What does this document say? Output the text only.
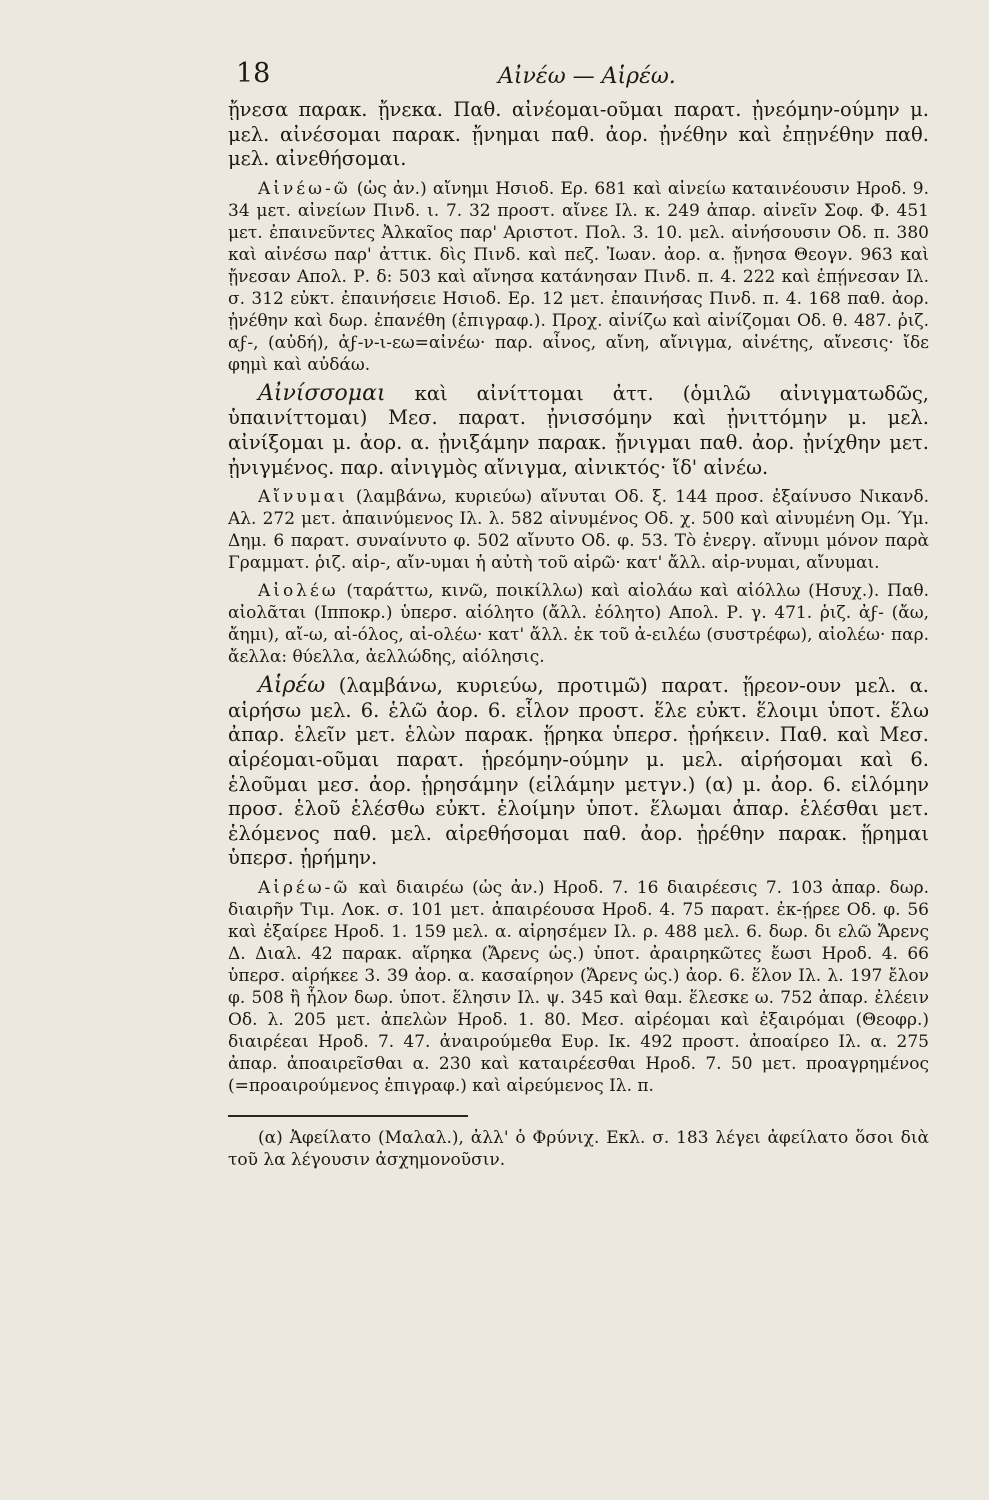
18	Αἰνέω — Αἱρέω.

ᾔνεσα παρακ. ᾔνεκα. Παθ. αἰνέομαι-οῦμαι παρατ. ᾐνεόμην-ούμην μ. μελ. αἰνέσομαι παρακ. ᾔνημαι παθ. ἀορ. ᾐνέθην καὶ ἐπῃνέθην παθ. μελ. αἰνεθήσομαι.

Αἰνέω-ῶ (ὡς ἀν.) αἴνημι Ησιοδ. Ερ. 681 καὶ αἰνείω καταινέουσιν Ηροδ. 9. 34 μετ. αἰνείων Πινδ. ι. 7. 32 προστ. αἴνεε Ιλ. κ. 249 ἀπαρ. αἰνεῖν Σοφ. Φ. 451 μετ. ἐπαινεῦντες Ἀλκαῖος παρ' Αριστοτ. Πολ. 3. 10. μελ. αἰνήσουσιν Οδ. π. 380 καὶ αἰνέσω παρ' ἀττικ. δὶς Πινδ. καὶ πεζ. Ἰωαν. ἀορ. α. ᾔνησα Θεογν. 963 καὶ ᾔνεσαν Απολ. Ρ. δ: 503 καὶ αἴνησα κατάνησαν Πινδ. π. 4. 222 καὶ ἐπῄνεσαν Ιλ. σ. 312 εὐκτ. ἐπαινήσειε Ησιοδ. Ερ. 12 μετ. ἐπαινήσας Πινδ. π. 4. 168 παθ. ἀορ. ᾐνέθην καὶ δωρ. ἐπανέθη (ἐπιγραφ.). Προχ. αἰνίζω καὶ αἰνίζομαι Οδ. θ. 487. ῥιζ. αϝ-, (αὐδή), ἀϝ-ν-ι-εω=αἰνέω· παρ. αἶνος, αἴνη, αἴνιγμα, αἰνέτης, αἴνεσις· ἴδε φημὶ καὶ αὐδάω.

Αἰνίσσομαι καὶ αἰνίττομαι ἀττ. (ὁμιλῶ αἰνιγματωδῶς, ὑπαινίττομαι) Μεσ. παρατ. ᾐνισσόμην καὶ ᾐνιττόμην μ. μελ. αἰνίξομαι μ. ἀορ. α. ᾐνιξάμην παρακ. ᾔνιγμαι παθ. ἀορ. ᾐνίχθην μετ. ᾐνιγμένος. παρ. αἰνιγμὸς αἴνιγμα, αἰνικτός· ἴδ' αἰνέω.

Αἴνυμαι (λαμβάνω, κυριεύω) αἴνυται Οδ. ξ. 144 προσ. ἐξαίνυσο Νικανδ. Αλ. 272 μετ. ἀπαινύμενος Ιλ. λ. 582 αἰνυμένος Οδ. χ. 500 καὶ αἰνυμένη Ομ. Ύμ. Δημ. 6 παρατ. συναίνυτο φ. 502 αἴνυτο Οδ. φ. 53. Τὸ ἐνεργ. αἴνυμι μόνον παρὰ Γραμματ. ῥιζ. αἱρ-, αἴν-υμαι ἡ αὐτὴ τοῦ αἱρῶ· κατ' ἄλλ. αἰρ-νυμαι, αἴνυμαι.

Αἰολέω (ταράττω, κινῶ, ποικίλλω) καὶ αἰολάω καὶ αἰόλλω (Ησυχ.). Παθ. αἰολᾶται (Ιπποκρ.) ὑπερσ. αἰόλητο (ἄλλ. ἐόλητο) Απολ. Ρ. γ. 471. ῥιζ. ἀϝ- (ἄω, ἄημι), αἴ-ω, αἰ-όλος, αἰ-ολέω· κατ' ἄλλ. ἐκ τοῦ ἀ-ειλέω (συστρέφω), αἰολέω· παρ. ἄελλα: θύελλα, ἀελλώδης, αἰόλησις.

Αἱρέω (λαμβάνω, κυριεύω, προτιμῶ) παρατ. ᾕρεον-ουν μελ. α. αἱρήσω μελ. 6. ἑλῶ ἀορ. 6. εἷλον προστ. ἕλε εὐκτ. ἕλοιμι ὑποτ. ἕλω ἀπαρ. ἑλεῖν μετ. ἑλὼν παρακ. ᾕρηκα ὑπερσ. ᾑρήκειν. Παθ. καὶ Μεσ. αἱρέομαι-οῦμαι παρατ. ᾑρεόμην-ούμην μ. μελ. αἱρήσομαι καὶ 6. ἑλοῦμαι μεσ. ἀορ. ᾑρησάμην (εἱλάμην μετγν.) (α) μ. ἀορ. 6. εἱλόμην προσ. ἑλοῦ ἑλέσθω εὐκτ. ἑλοίμην ὑποτ. ἕλωμαι ἀπαρ. ἑλέσθαι μετ. ἑλόμενος παθ. μελ. αἱρεθήσομαι παθ. ἀορ. ᾑρέθην παρακ. ᾕρημαι ὑπερσ. ᾑρήμην.

Αἱρέω-ῶ καὶ διαιρέω (ὡς ἀν.) Ηροδ. 7. 16 διαιρέεσις 7. 103 ἀπαρ. δωρ. διαιρῆν Τιμ. Λοκ. σ. 101 μετ. ἀπαιρέουσα Ηροδ. 4. 75 παρατ. ἐκ-ῄρεε Οδ. φ. 56 καὶ ἐξαίρεε Ηροδ. 1. 159 μελ. α. αἱρησέμεν Ιλ. ρ. 488 μελ. 6. δωρ. δι ελῶ Ἄρενς Δ. Διαλ. 42 παρακ. αἵρηκα (Ἄρενς ὡς.) ὑποτ. ἀραιρηκῶτες ἔωσι Ηροδ. 4. 66 ὑπερσ. αἱρήκεε 3. 39 ἀορ. α. κασαίρηον (Ἄρενς ὡς.) ἀορ. 6. ἕλον Ιλ. λ. 197 ἔλον φ. 508 ἢ ἧλον δωρ. ὑποτ. ἕλησιν Ιλ. ψ. 345 καὶ θαμ. ἕλεσκε ω. 752 ἀπαρ. ἐλέειν Οδ. λ. 205 μετ. ἀπελὼν Ηροδ. 1. 80. Μεσ. αἱρέομαι καὶ ἐξαιρόμαι (Θεοφρ.) διαιρέεαι Ηροδ. 7. 47. ἀναιρούμεθα Ευρ. Ικ. 492 προστ. ἀποαίρεο Ιλ. α. 275 ἀπαρ. ἀποαιρεῖσθαι α. 230 καὶ καταιρέεσθαι Ηροδ. 7. 50 μετ. προαγρημένος (=προαιρούμενος ἐπιγραφ.) καὶ αἱρεύμενος Ιλ. π.

(α) Ἀφείλατο (Μαλαλ.), ἀλλ' ὁ Φρύνιχ. Εκλ. σ. 183 λέγει ἀφείλατο ὅσοι διὰ τοῦ λα λέγουσιν ἀσχημονοῦσιν.
